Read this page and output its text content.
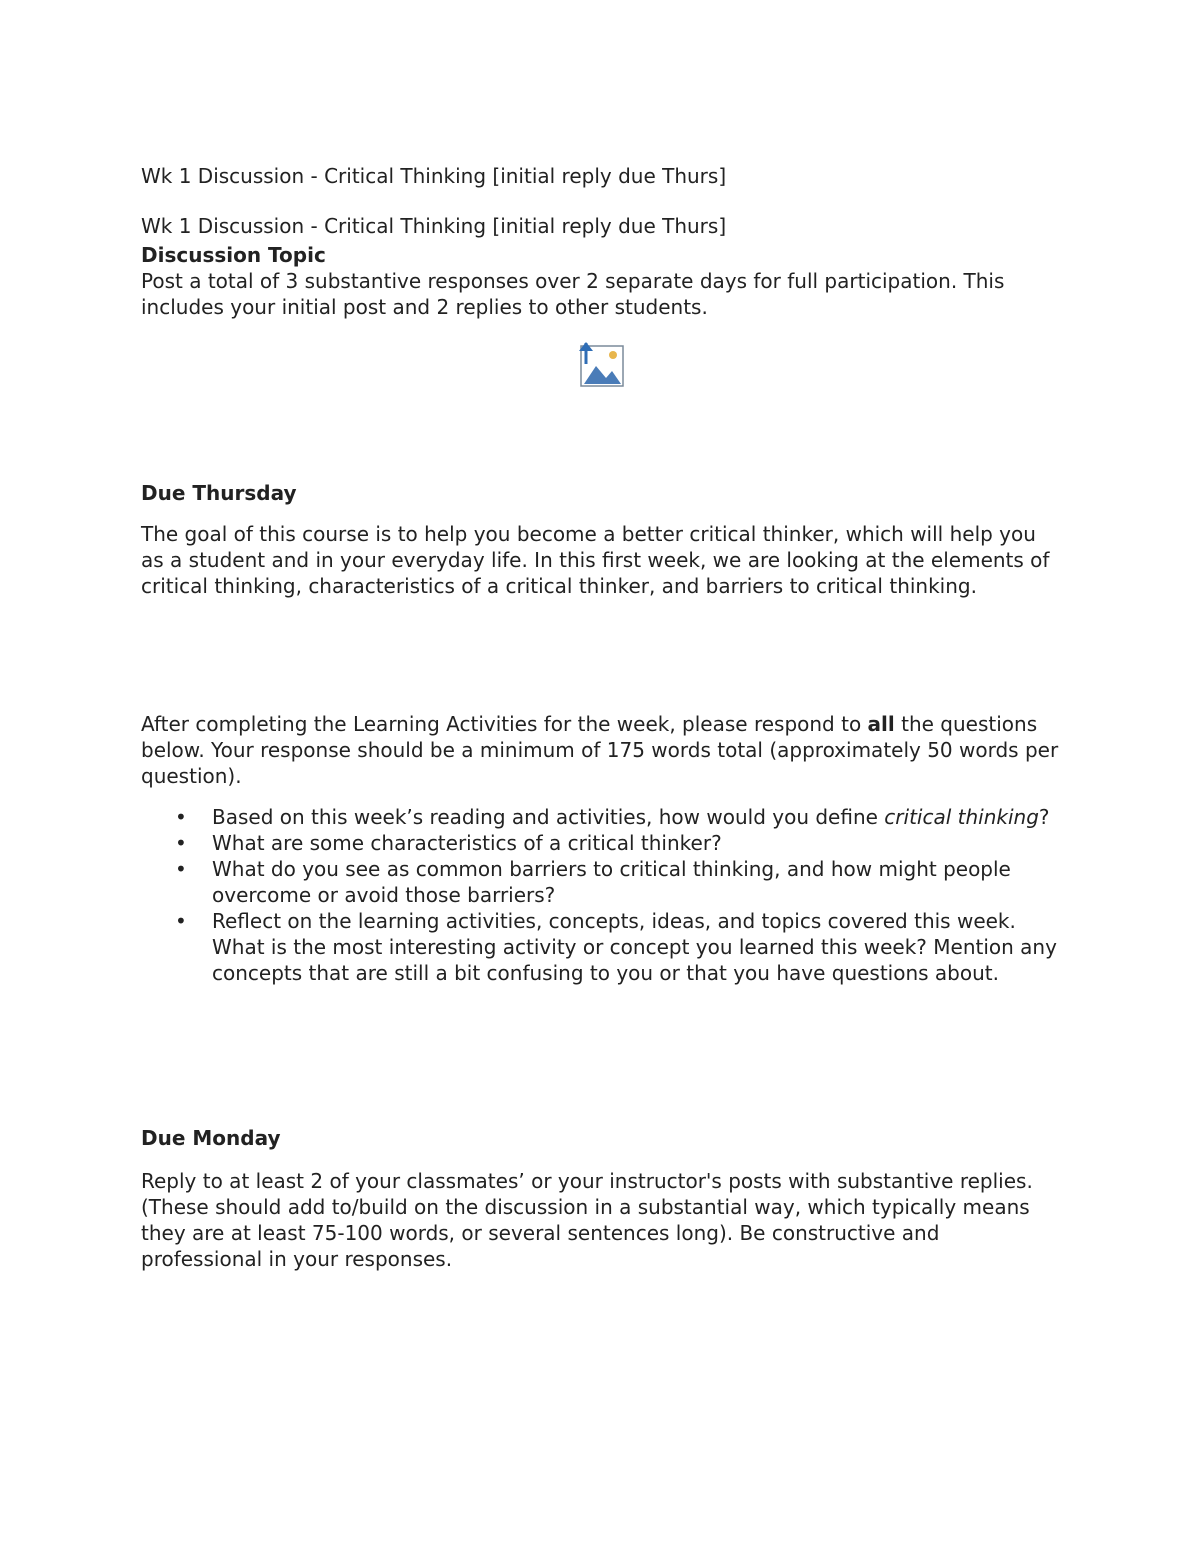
Wk 1 Discussion - Critical Thinking [initial reply due Thurs]
Wk 1 Discussion - Critical Thinking [initial reply due Thurs]
Discussion Topic
Post a total of 3 substantive responses over 2 separate days for full participation. This includes your initial post and 2 replies to other students.
Due Thursday
The goal of this course is to help you become a better critical thinker, which will help you as a student and in your everyday life. In this first week, we are looking at the elements of critical thinking, characteristics of a critical thinker, and barriers to critical thinking.
After completing the Learning Activities for the week, please respond to all the questions below. Your response should be a minimum of 175 words total (approximately 50 words per question).
• Based on this week’s reading and activities, how would you define critical thinking?
• What are some characteristics of a critical thinker?
• What do you see as common barriers to critical thinking, and how might people overcome or avoid those barriers?
• Reflect on the learning activities, concepts, ideas, and topics covered this week. What is the most interesting activity or concept you learned this week? Mention any concepts that are still a bit confusing to you or that you have questions about.
Due Monday
Reply to at least 2 of your classmates’ or your instructor's posts with substantive replies. (These should add to/build on the discussion in a substantial way, which typically means they are at least 75-100 words, or several sentences long). Be constructive and professional in your responses.
